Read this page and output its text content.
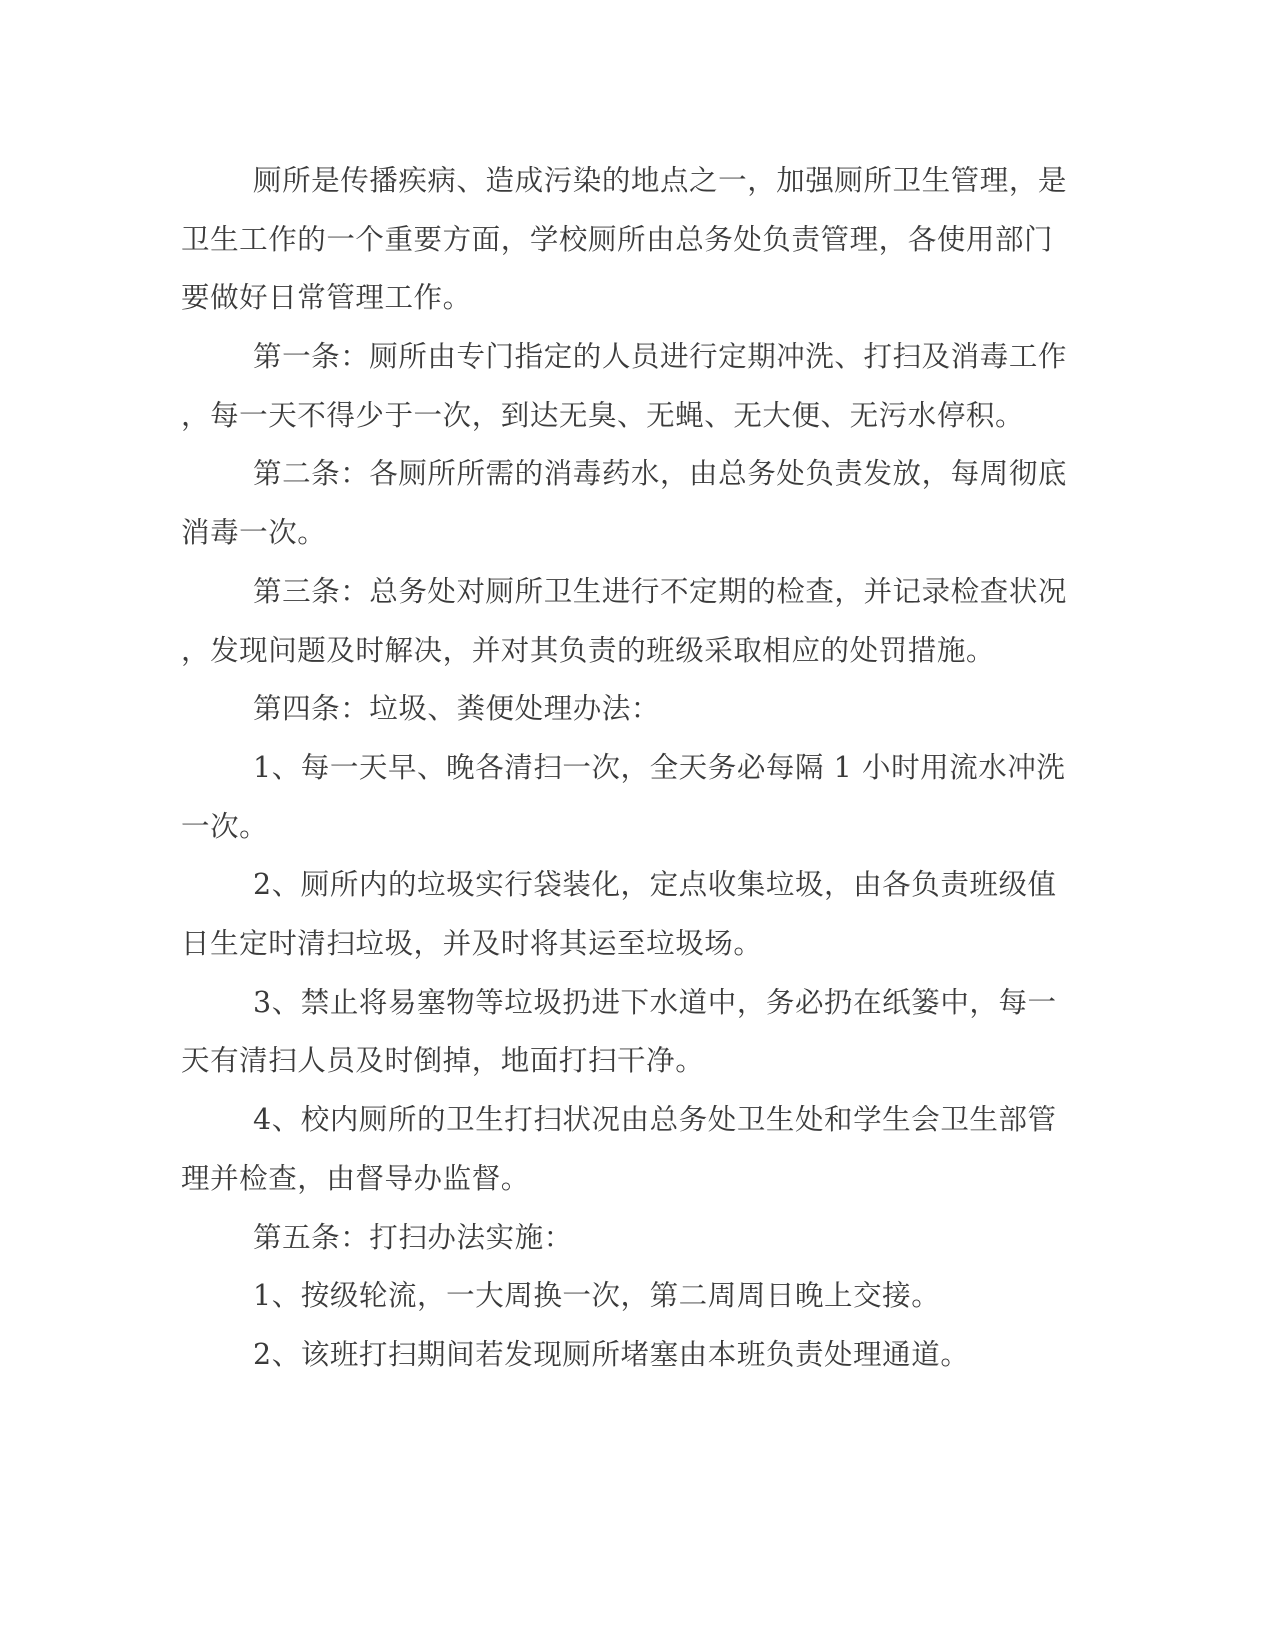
厕所是传播疾病、造成污染的地点之一，加强厕所卫生管理，是
卫生工作的一个重要方面，学校厕所由总务处负责管理，各使用部门
要做好日常管理工作。
第一条：厕所由专门指定的人员进行定期冲洗、打扫及消毒工作
，每一天不得少于一次，到达无臭、无蝇、无大便、无污水停积。
第二条：各厕所所需的消毒药水，由总务处负责发放，每周彻底
消毒一次。
第三条：总务处对厕所卫生进行不定期的检查，并记录检查状况
，发现问题及时解决，并对其负责的班级采取相应的处罚措施。
第四条：垃圾、粪便处理办法：
1、每一天早、晚各清扫一次，全天务必每隔 1 小时用流水冲洗
一次。
2、厕所内的垃圾实行袋装化，定点收集垃圾，由各负责班级值
日生定时清扫垃圾，并及时将其运至垃圾场。
3、禁止将易塞物等垃圾扔进下水道中，务必扔在纸篓中，每一
天有清扫人员及时倒掉，地面打扫干净。
4、校内厕所的卫生打扫状况由总务处卫生处和学生会卫生部管
理并检查，由督导办监督。
第五条：打扫办法实施：
1、按级轮流，一大周换一次，第二周周日晚上交接。
2、该班打扫期间若发现厕所堵塞由本班负责处理通道。
